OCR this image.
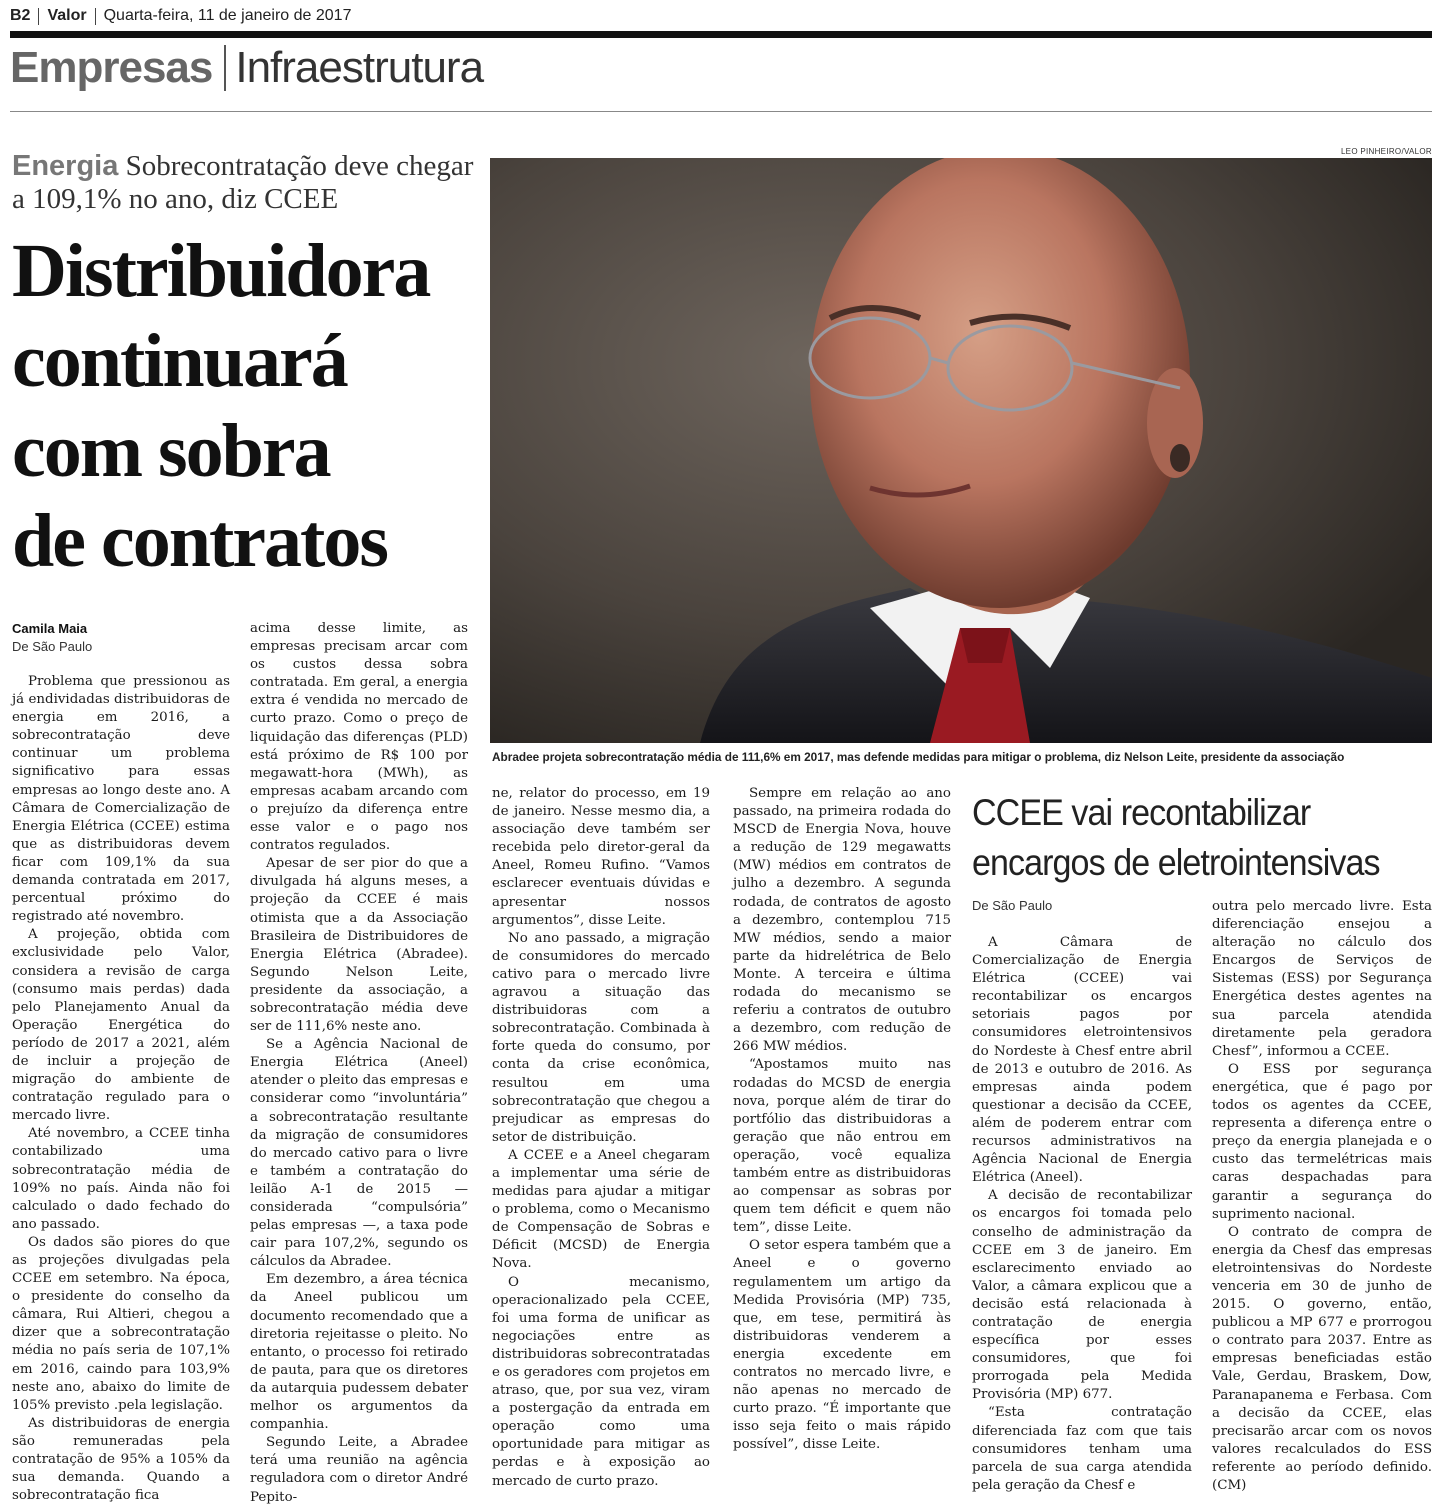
B2 Valor Quarta-feira, 11 de janeiro de 2017
Empresas Infraestrutura
Energia Sobrecontratação deve chegar a 109,1% no ano, diz CCEE
Distribuidora
continuará
com sobra
de contratos
Camila Maia
De São Paulo
LEO PINHEIRO/VALOR
Abradee projeta sobrecontratação média de 111,6% em 2017, mas defende medidas para mitigar o problema, diz Nelson Leite, presidente da associação

Problema que pressionou as já endividadas distribuidoras de energia em 2016, a sobrecontratação deve continuar um problema significativo para essas empresas ao longo deste ano. A Câmara de Comercialização de Energia Elétrica (CCEE) estima que as distribuidoras devem ficar com 109,1% da sua demanda contratada em 2017, percentual próximo do registrado até novembro.

A projeção, obtida com exclusividade pelo Valor, considera a revisão de carga (consumo mais perdas) dada pelo Planejamento Anual da Operação Energética do período de 2017 a 2021, além de incluir a projeção de migração do ambiente de contratação regulado para o mercado livre.

Até novembro, a CCEE tinha contabilizado uma sobrecontratação média de 109% no país. Ainda não foi calculado o dado fechado do ano passado.

Os dados são piores do que as projeções divulgadas pela CCEE em setembro. Na época, o presidente do conselho da câmara, Rui Altieri, chegou a dizer que a sobrecontratação média no país seria de 107,1% em 2016, caindo para 103,9% neste ano, abaixo do limite de 105% previsto .pela legislação.

As distribuidoras de energia são remuneradas pela contratação de 95% a 105% da sua demanda. Quando a sobrecontratação fica

acima desse limite, as empresas precisam arcar com os custos dessa sobra contratada. Em geral, a energia extra é vendida no mercado de curto prazo. Como o preço de liquidação das diferenças (PLD) está próximo de R$ 100 por megawatt-hora (MWh), as empresas acabam arcando com o prejuízo da diferença entre esse valor e o pago nos contratos regulados.

Apesar de ser pior do que a divulgada há alguns meses, a projeção da CCEE é mais otimista que a da Associação Brasileira de Distribuidores de Energia Elétrica (Abradee). Segundo Nelson Leite, presidente da associação, a sobrecontratação média deve ser de 111,6% neste ano.

Se a Agência Nacional de Energia Elétrica (Aneel) atender o pleito das empresas e considerar como “involuntária” a sobrecontratação resultante da migração de consumidores do mercado cativo para o livre e também a contratação do leilão A-1 de 2015 — considerada “compulsória” pelas empresas —, a taxa pode cair para 107,2%, segundo os cálculos da Abradee.

Em dezembro, a área técnica da Aneel publicou um documento recomendado que a diretoria rejeitasse o pleito. No entanto, o processo foi retirado de pauta, para que os diretores da autarquia pudessem debater melhor os argumentos da companhia.

Segundo Leite, a Abradee terá uma reunião na agência reguladora com o diretor André Pepito-

ne, relator do processo, em 19 de janeiro. Nesse mesmo dia, a associação deve também ser recebida pelo diretor-geral da Aneel, Romeu Rufino. “Vamos esclarecer eventuais dúvidas e apresentar nossos argumentos”, disse Leite.

No ano passado, a migração de consumidores do mercado cativo para o mercado livre agravou a situação das distribuidoras com a sobrecontratação. Combinada à forte queda do consumo, por conta da crise econômica, resultou em uma sobrecontratação que chegou a prejudicar as empresas do setor de distribuição.

A CCEE e a Aneel chegaram a implementar uma série de medidas para ajudar a mitigar o problema, como o Mecanismo de Compensação de Sobras e Déficit (MCSD) de Energia Nova.

O mecanismo, operacionalizado pela CCEE, foi uma forma de unificar as negociações entre as distribuidoras sobrecontratadas e os geradores com projetos em atraso, que, por sua vez, viram a postergação da entrada em operação como uma oportunidade para mitigar as perdas e à exposição ao mercado de curto prazo.

Sempre em relação ao ano passado, na primeira rodada do MSCD de Energia Nova, houve a redução de 129 megawatts (MW) médios em contratos de julho a dezembro. A segunda rodada, de contratos de agosto a dezembro, contemplou 715 MW médios, sendo a maior parte da hidrelétrica de Belo Monte. A terceira e última rodada do mecanismo se referiu a contratos de outubro a dezembro, com redução de 266 MW médios.

“Apostamos muito nas rodadas do MCSD de energia nova, porque além de tirar do portfólio das distribuidoras a geração que não entrou em operação, você equaliza também entre as distribuidoras ao compensar as sobras por quem tem déficit e quem não tem”, disse Leite.

O setor espera também que a Aneel e o governo regulamentem um artigo da Medida Provisória (MP) 735, que, em tese, permitirá às distribuidoras venderem a energia excedente em contratos no mercado livre, e não apenas no mercado de curto prazo. “É importante que isso seja feito o mais rápido possível”, disse Leite.

CCEE vai recontabilizar
encargos de eletrointensivas
De São Paulo

A Câmara de Comercialização de Energia Elétrica (CCEE) vai recontabilizar os encargos setoriais pagos por consumidores eletrointensivos do Nordeste à Chesf entre abril de 2013 e outubro de 2016. As empresas ainda podem questionar a decisão da CCEE, além de poderem entrar com recursos administrativos na Agência Nacional de Energia Elétrica (Aneel).

A decisão de recontabilizar os encargos foi tomada pelo conselho de administração da CCEE em 3 de janeiro. Em esclarecimento enviado ao Valor, a câmara explicou que a decisão está relacionada à contratação de energia específica por esses consumidores, que foi prorrogada pela Medida Provisória (MP) 677.

“Esta contratação diferenciada faz com que tais consumidores tenham uma parcela de sua carga atendida pela geração da Chesf e

outra pelo mercado livre. Esta diferenciação ensejou a alteração no cálculo dos Encargos de Serviços de Sistemas (ESS) por Segurança Energética destes agentes na sua parcela atendida diretamente pela geradora Chesf”, informou a CCEE.

O ESS por segurança energética, que é pago por todos os agentes da CCEE, representa a diferença entre o preço da energia planejada e o custo das termelétricas mais caras despachadas para garantir a segurança do suprimento nacional.

O contrato de compra de energia da Chesf das empresas eletrointensivas do Nordeste venceria em 30 de junho de 2015. O governo, então, publicou a MP 677 e prorrogou o contrato para 2037. Entre as empresas beneficiadas estão Vale, Gerdau, Braskem, Dow, Paranapanema e Ferbasa. Com a decisão da CCEE, elas precisarão arcar com os novos valores recalculados do ESS referente ao período definido. (CM)
